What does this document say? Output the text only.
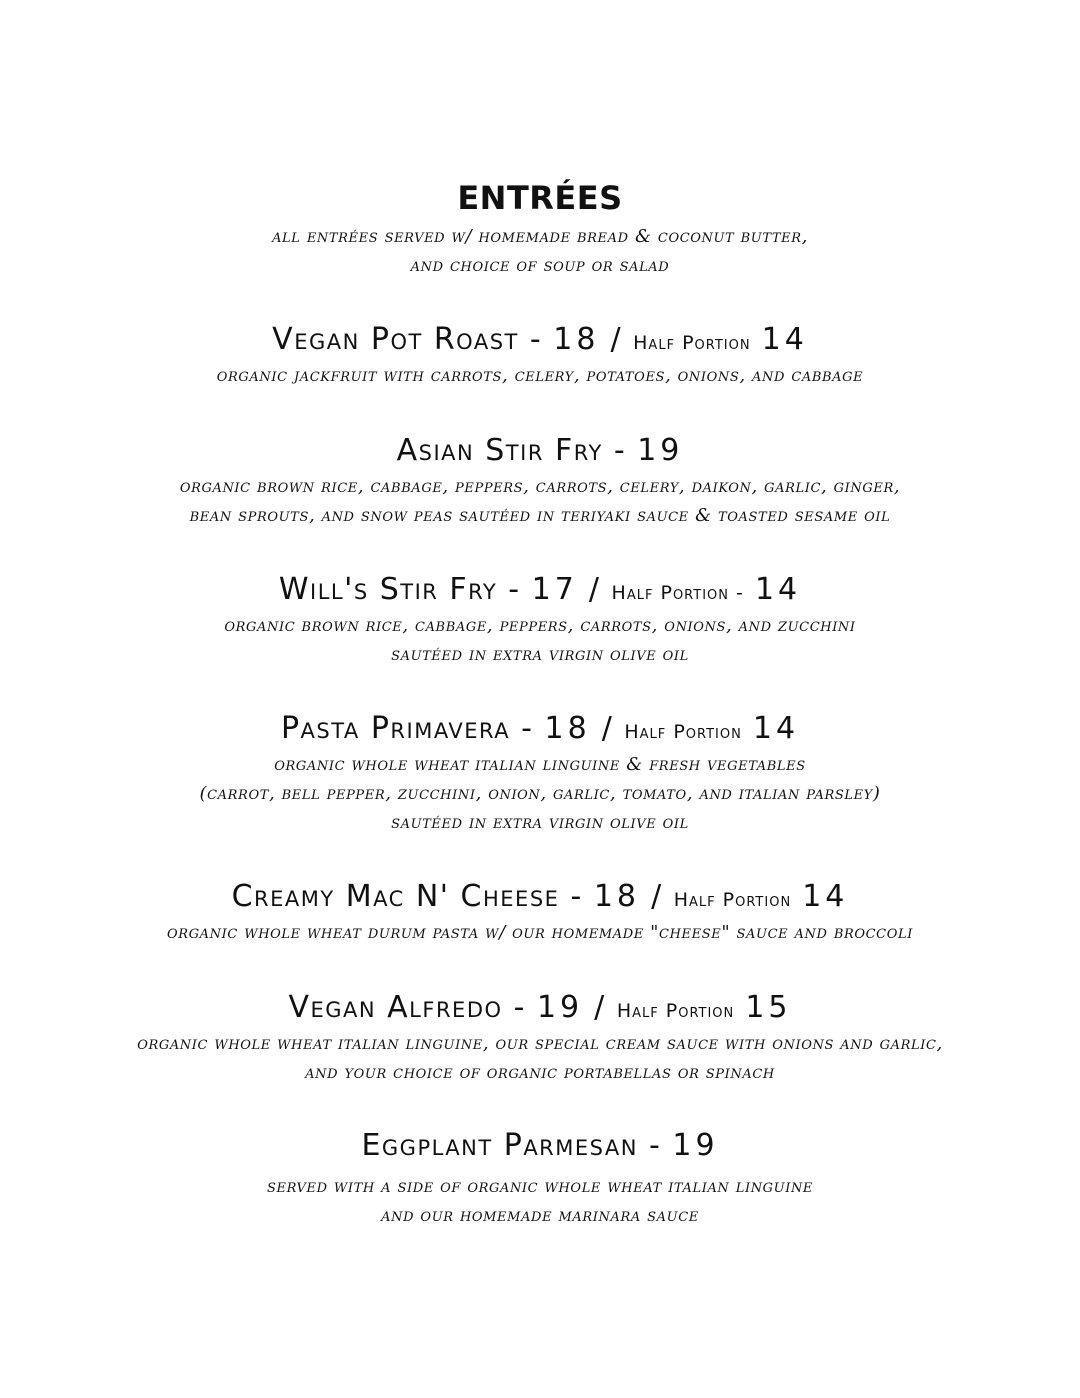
ENTRÉES
all entrées served w/ homemade bread & coconut butter,
and choice of soup or salad
Vegan Pot Roast - 18 / Half Portion 14
organic jackfruit with carrots, celery, potatoes, onions, and cabbage
Asian Stir Fry - 19
organic brown rice, cabbage, peppers, carrots, celery, daikon, garlic, ginger,
bean sprouts, and snow peas sautéed in teriyaki sauce & toasted sesame oil
Will's Stir Fry - 17 / Half Portion - 14
organic brown rice, cabbage, peppers, carrots, onions, and zucchini
sautéed in extra virgin olive oil
Pasta Primavera - 18 / Half Portion 14
organic whole wheat italian linguine & fresh vegetables
(carrot, bell pepper, zucchini, onion, garlic, tomato, and italian parsley)
sautéed in extra virgin olive oil
Creamy Mac N' Cheese - 18 / Half Portion 14
organic whole wheat durum pasta w/ our homemade "cheese" sauce and broccoli
Vegan Alfredo - 19 / Half Portion 15
organic whole wheat italian linguine, our special cream sauce with onions and garlic,
and your choice of organic portabellas or spinach
Eggplant Parmesan - 19
served with a side of organic whole wheat italian linguine
and our homemade marinara sauce
